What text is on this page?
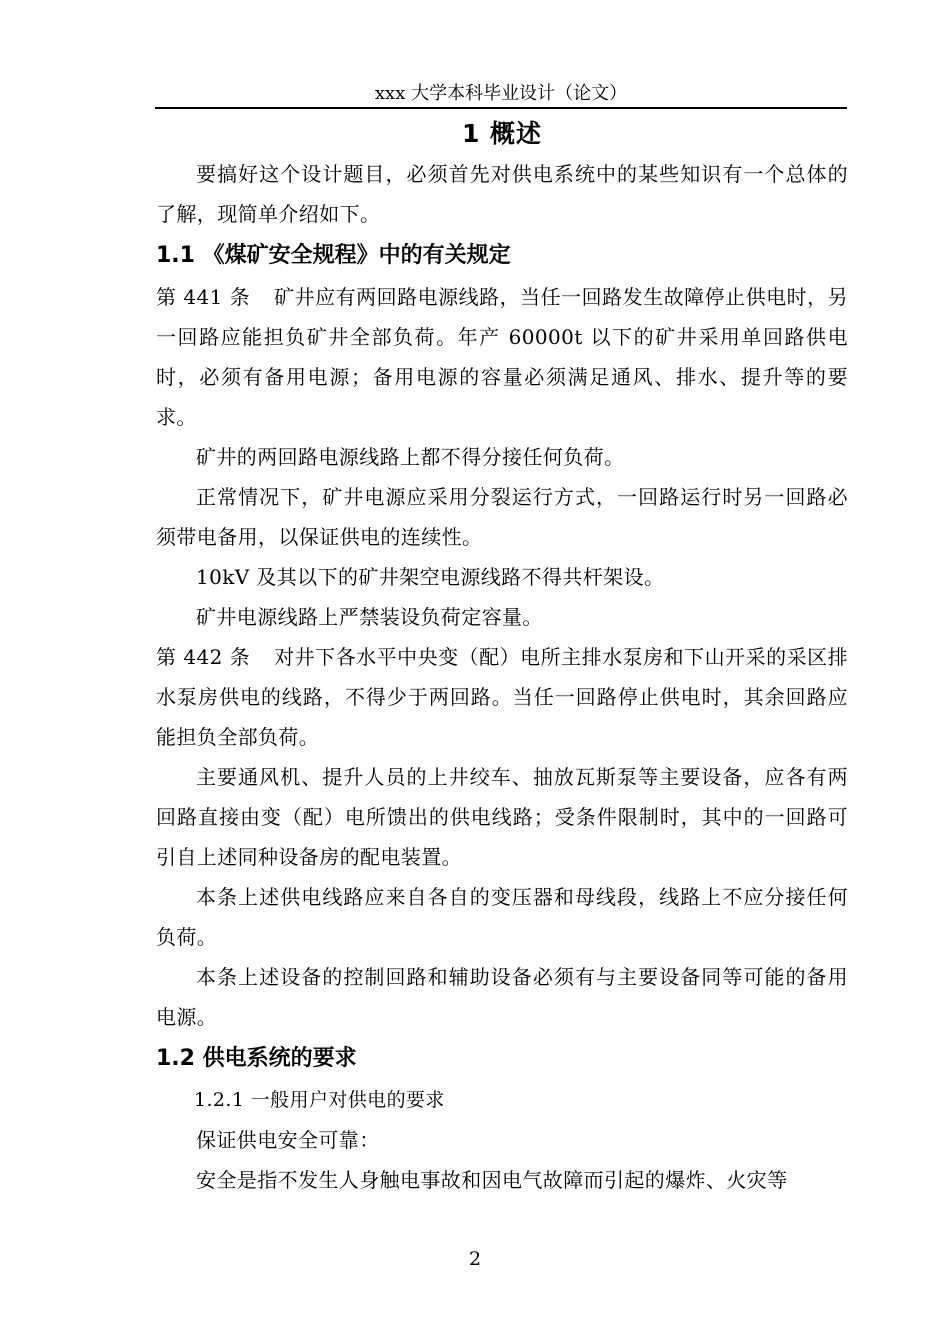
xxx 大学本科毕业设计（论文）
1 概述

要搞好这个设计题目，必须首先对供电系统中的某些知识有一个总体的了解，现简单介绍如下。

1.1 《煤矿安全规程》中的有关规定

第 441 条 矿井应有两回路电源线路，当任一回路发生故障停止供电时，另一回路应能担负矿井全部负荷。年产 60000t 以下的矿井采用单回路供电时，必须有备用电源；备用电源的容量必须满足通风、排水、提升等的要求。

矿井的两回路电源线路上都不得分接任何负荷。

正常情况下，矿井电源应采用分裂运行方式，一回路运行时另一回路必须带电备用，以保证供电的连续性。

10kV 及其以下的矿井架空电源线路不得共杆架设。

矿井电源线路上严禁装设负荷定容量。

第 442 条 对井下各水平中央变（配）电所主排水泵房和下山开采的采区排水泵房供电的线路，不得少于两回路。当任一回路停止供电时，其余回路应能担负全部负荷。

主要通风机、提升人员的上井绞车、抽放瓦斯泵等主要设备，应各有两回路直接由变（配）电所馈出的供电线路；受条件限制时，其中的一回路可引自上述同种设备房的配电装置。

本条上述供电线路应来自各自的变压器和母线段，线路上不应分接任何负荷。

本条上述设备的控制回路和辅助设备必须有与主要设备同等可能的备用电源。

1.2 供电系统的要求

1.2.1 一般用户对供电的要求

保证供电安全可靠：

安全是指不发生人身触电事故和因电气故障而引起的爆炸、火灾等

2
